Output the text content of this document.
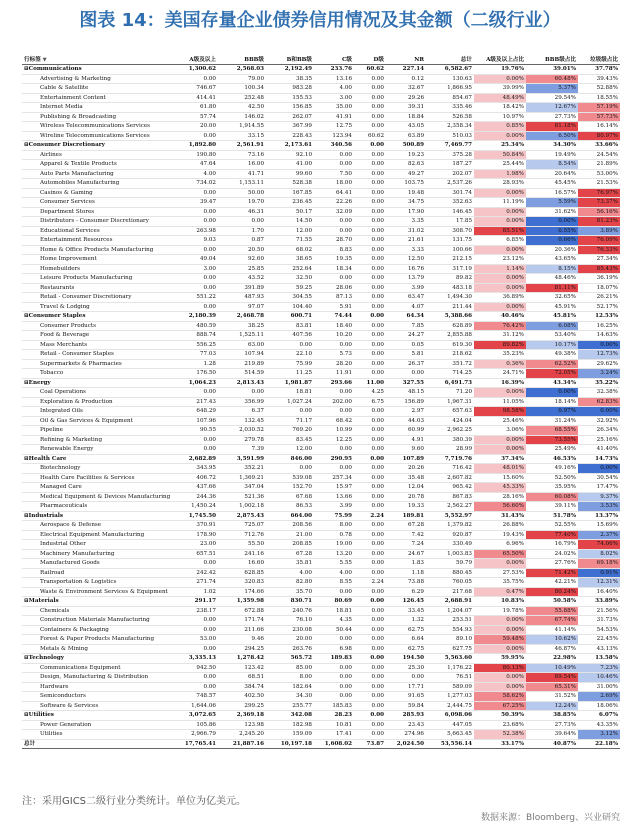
图表 14：美国存量企业债券信用情况及其金额（二级行业）
行标签 ▼	A级及以上	BBB级	B和BB级	C级	D级	NR	总计	A级及以上占比	BBB级占比	垃圾级占比
⊟Communications	1,300.62	2,568.03	2,192.49	233.76	60.62	227.14	6,582.67	19.76%	39.01%	37.78%
Advertising & Marketing	0.00	79.00	38.35	13.16	0.00	0.12	130.63	0.00%	60.48%	39.43%
Cable & Satellite	746.67	100.34	983.28	4.00	0.00	32.67	1,866.95	39.99%	5.37%	52.88%
Entertainment Content	414.41	252.48	155.53	3.00	0.00	29.26	854.67	48.49%	29.54%	18.55%
Internet Media	61.80	42.50	156.85	35.00	0.00	39.31	335.46	18.42%	12.67%	57.19%
Publishing & Broadcasting	57.74	146.02	262.07	41.91	0.00	18.84	526.58	10.97%	27.73%	57.73%
Wireless Telecommunications Services	20.00	1,914.55	367.99	12.75	0.00	43.05	2,358.34	0.85%	81.18%	16.14%
Wireline Telecommunications Services	0.00	33.15	228.43	123.94	60.62	63.89	510.03	0.00%	6.50%	80.97%
⊟Consumer Discretionary	1,892.80	2,561.91	2,173.61	340.56	0.00	500.89	7,469.77	25.34%	34.30%	33.66%
Airlines	190.80	73.16	92.10	0.00	0.00	19.23	375.28	50.84%	19.49%	24.54%
Apparel & Textile Products	47.64	16.00	41.00	0.00	0.00	82.63	187.27	25.44%	8.54%	21.89%
Auto Parts Manufacturing	4.00	41.71	99.60	7.50	0.00	49.27	202.07	1.98%	20.64%	53.00%
Automobiles Manufacturing	734.02	1,153.11	528.38	18.00	0.00	103.75	2,537.26	28.93%	45.45%	21.53%
Casinos & Gaming	0.00	50.00	167.85	64.41	0.00	19.48	301.74	0.00%	16.57%	76.97%
Consumer Services	39.47	19.70	236.45	22.26	0.00	34.75	352.63	11.19%	5.59%	73.37%
Department Stores	0.00	46.31	50.17	32.09	0.00	17.90	146.45	0.00%	31.62%	56.16%
Distributors - Consumer Discretionary	0.00	0.00	14.50	0.00	0.00	3.35	17.85	0.00%	0.00%	81.23%
Educational Services	263.98	1.70	12.00	0.00	0.00	31.02	308.70	85.51%	0.55%	3.89%
Entertainment Resources	9.03	0.87	71.55	28.70	0.00	21.61	131.75	6.85%	0.66%	76.09%
Home & Office Products Manufacturing	0.00	20.50	68.02	8.83	0.00	3.33	100.66	0.00%	20.36%	76.33%
Home Improvement	49.04	92.60	38.65	19.35	0.00	12.50	212.15	23.12%	43.65%	27.34%
Homebuilders	3.00	25.85	252.64	18.34	0.00	16.76	317.19	1.14%	8.15%	85.43%
Leisure Products Manufacturing	0.00	43.52	32.50	0.00	0.00	13.79	89.82	0.00%	48.46%	36.19%
Restaurants	0.00	391.89	59.25	28.06	0.00	3.99	483.18	0.00%	81.11%	18.07%
Retail - Consumer Discretionary	551.22	487.93	304.55	87.13	0.00	63.47	1,494.30	36.89%	32.65%	26.21%
Travel & Lodging	0.00	97.07	104.40	5.91	0.00	4.07	211.44	0.00%	45.91%	52.17%
⊟Consumer Staples	2,180.39	2,468.78	600.71	74.44	0.00	64.34	5,388.66	40.46%	45.81%	12.53%
Consumer Products	480.59	38.25	83.81	18.40	0.00	7.85	628.89	76.42%	6.08%	16.25%
Food & Beverage	888.74	1,525.11	407.56	10.20	0.00	24.27	2,855.88	31.12%	53.40%	14.63%
Mass Merchants	556.25	63.00	0.00	0.00	0.00	0.05	619.30	89.82%	10.17%	0.00%
Retail - Consumer Staples	77.03	107.94	22.10	5.73	0.00	5.81	218.62	35.23%	49.38%	12.73%
Supermarkets & Pharmacies	1.28	219.89	75.99	28.20	0.00	26.37	351.72	0.36%	62.52%	29.62%
Tobacco	176.50	514.59	11.25	11.91	0.00	0.00	714.25	24.71%	72.05%	3.24%
⊟Energy	1,064.23	2,813.43	1,981.87	293.66	11.00	327.55	6,491.73	16.39%	43.34%	35.22%
Coal Operations	0.00	0.00	18.81	0.00	4.25	48.15	71.20	0.00%	0.00%	32.38%
Exploration & Production	217.43	356.99	1,027.24	202.00	6.75	156.89	1,967.31	11.05%	18.14%	62.83%
Integrated Oils	648.29	6.37	0.00	0.00	0.00	2.97	657.63	98.58%	0.97%	0.00%
Oil & Gas Services & Equipment	107.96	132.45	71.17	68.42	0.00	44.03	424.04	25.46%	31.24%	32.92%
Pipeline	90.55	2,030.52	769.20	10.99	0.00	60.99	2,962.25	3.06%	68.55%	26.34%
Refining & Marketing	0.00	279.78	83.45	12.25	0.00	4.91	380.39	0.00%	73.55%	25.16%
Renewable Energy	0.00	7.39	12.00	0.00	0.00	9.60	28.99	0.00%	25.49%	41.40%
⊟Health Care	2,682.89	3,591.99	846.00	290.95	0.00	107.89	7,719.76	37.34%	46.53%	14.73%
Biotechnology	343.95	352.21	0.00	0.00	0.00	20.26	716.42	48.01%	49.16%	0.00%
Health Care Facilities & Services	406.72	1,369.21	539.08	257.34	0.00	35.48	2,607.82	15.60%	52.50%	30.54%
Managed Care	437.66	347.04	152.70	15.97	0.00	12.04	965.42	45.33%	35.95%	17.47%
Medical Equipment & Devices Manufacturing	244.36	521.36	67.68	13.66	0.00	20.78	867.83	28.16%	60.08%	9.37%
Pharmaceuticals	1,450.24	1,002.18	86.53	3.99	0.00	19.33	2,562.27	56.60%	39.11%	3.53%
⊟Industrials	1,745.50	2,875.43	664.00	75.99	2.24	189.81	5,552.97	31.43%	51.78%	13.37%
Aerospace & Defense	370.91	725.07	208.56	8.00	0.00	67.28	1,379.82	26.88%	52.55%	15.69%
Electrical Equipment Manufacturing	178.90	712.76	21.00	0.78	0.00	7.42	920.87	19.43%	77.40%	2.37%
Industrial Other	23.00	55.50	208.85	19.00	0.00	7.24	330.49	6.96%	16.79%	74.06%
Machinery Manufacturing	657.51	241.16	67.28	13.20	0.00	24.67	1,003.83	65.50%	24.02%	8.02%
Manufactured Goods	0.00	16.60	35.81	5.55	0.00	1.83	59.79	0.00%	27.76%	69.18%
Railroad	242.42	628.85	4.00	4.00	0.00	1.18	880.45	27.53%	71.42%	0.91%
Transportation & Logistics	271.74	320.83	82.80	8.55	2.24	73.88	760.05	35.75%	42.21%	12.31%
Waste & Environment Services & Equipment	1.02	174.66	35.70	0.00	0.00	6.29	217.68	0.47%	80.24%	16.40%
⊟Materials	291.17	1,359.98	830.71	80.69	0.00	126.45	2,688.91	10.83%	50.58%	33.89%
Chemicals	238.17	672.88	240.76	18.81	0.00	33.45	1,204.07	19.78%	55.88%	21.56%
Construction Materials Manufacturing	0.00	171.74	76.10	4.35	0.00	1.32	253.51	0.00%	67.74%	31.73%
Containers & Packaging	0.00	211.66	230.08	50.44	0.00	62.75	554.93	0.00%	41.14%	54.53%
Forest & Paper Products Manufacturing	53.00	9.46	20.00	0.00	0.00	6.64	89.10	59.48%	10.62%	22.45%
Metals & Mining	0.00	294.25	263.76	6.98	0.00	62.75	627.75	0.00%	46.87%	43.13%
⊟Technology	3,335.13	1,278.42	565.72	189.83	0.00	194.50	5,563.60	59.95%	22.98%	13.58%
Communications Equipment	942.50	123.42	85.00	0.00	0.00	25.30	1,176.22	80.13%	10.49%	7.23%
Design, Manufacturing & Distribution	0.00	68.51	8.00	0.00	0.00	0.00	76.51	0.00%	89.54%	10.46%
Hardware	0.00	384.74	182.64	0.00	0.00	17.71	589.09	0.00%	65.31%	31.00%
Semiconductors	748.57	402.50	34.30	0.00	0.00	91.65	1,277.03	58.62%	31.52%	2.69%
Software & Services	1,644.06	299.25	255.77	185.83	0.00	59.84	2,444.75	67.25%	12.24%	18.06%
⊟Utilities	3,072.65	2,369.18	342.08	28.23	0.00	285.93	6,098.06	50.39%	38.85%	6.07%
Power Generation	105.86	123.98	182.98	10.81	0.00	23.43	447.05	23.68%	27.73%	43.35%
Utilities	2,966.79	2,245.20	159.09	17.41	0.00	274.96	5,663.45	52.38%	39.64%	3.12%
总计	17,765.41	21,887.16	10,197.18	1,608.02	73.87	2,024.50	53,556.14	33.17%	40.87%	22.18%
注：采用GICS二级行业分类统计。单位为亿美元。
数据来源：Bloomberg、兴业研究
